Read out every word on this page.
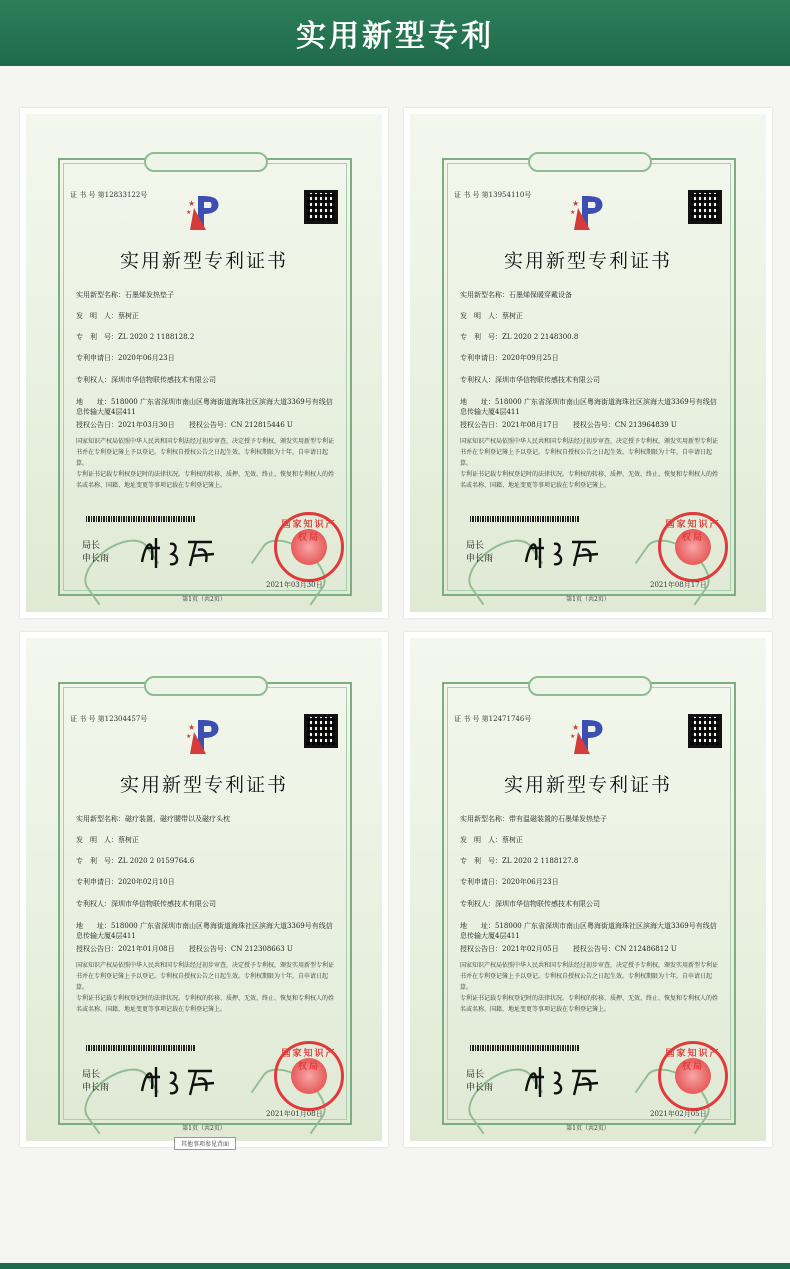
实用新型专利
证 书 号 第12833122号
★
★
实用新型专利证书
实用新型名称：石墨烯发热垫子
发　明　人：蔡树正
专　利　号：ZL 2020 2 1188128.2
专利申请日：2020年06月23日
专利权人：深圳市华信物联传感技术有限公司
地　　址：518000 广东省深圳市南山区粤海街道海珠社区滨海大道3369号有线信息传输大厦4层411
授权公告日：2021年03月30日 授权公告号：CN 212815446 U
国家知识产权局依照中华人民共和国专利法经过初步审查，决定授予专利权，颁发实用新型专利证书并在专利登记簿上予以登记。专利权自授权公告之日起生效。专利权期限为十年，自申请日起算。
专利证书记载专利权登记时的法律状况。专利权的转移、质押、无效、终止、恢复和专利权人的姓名或名称、国籍、地址变更等事项记载在专利登记簿上。
局长
申长雨
国家知识产权局
2021年03月30日
第1页（共2页）
证 书 号 第13954110号
★
★
实用新型专利证书
实用新型名称：石墨烯保暖穿戴设备
发　明　人：蔡树正
专　利　号：ZL 2020 2 2148300.8
专利申请日：2020年09月25日
专利权人：深圳市华信物联传感技术有限公司
地　　址：518000 广东省深圳市南山区粤海街道海珠社区滨海大道3369号有线信息传输大厦4层411
授权公告日：2021年08月17日 授权公告号：CN 213964839 U
国家知识产权局依照中华人民共和国专利法经过初步审查，决定授予专利权，颁发实用新型专利证书并在专利登记簿上予以登记。专利权自授权公告之日起生效。专利权期限为十年，自申请日起算。
专利证书记载专利权登记时的法律状况。专利权的转移、质押、无效、终止、恢复和专利权人的姓名或名称、国籍、地址变更等事项记载在专利登记簿上。
局长
申长雨
国家知识产权局
2021年08月17日
第1页（共2页）
证 书 号 第12304457号
★
★
实用新型专利证书
实用新型名称：磁疗装置、磁疗腰带以及磁疗头枕
发　明　人：蔡树正
专　利　号：ZL 2020 2 0159764.6
专利申请日：2020年02月10日
专利权人：深圳市华信物联传感技术有限公司
地　　址：518000 广东省深圳市南山区粤海街道海珠社区滨海大道3369号有线信息传输大厦4层411
授权公告日：2021年01月08日 授权公告号：CN 212308663 U
国家知识产权局依照中华人民共和国专利法经过初步审查，决定授予专利权，颁发实用新型专利证书并在专利登记簿上予以登记。专利权自授权公告之日起生效。专利权期限为十年，自申请日起算。
专利证书记载专利权登记时的法律状况。专利权的转移、质押、无效、终止、恢复和专利权人的姓名或名称、国籍、地址变更等事项记载在专利登记簿上。
局长
申长雨
国家知识产权局
2021年01月08日
第1页（共2页）
其他事项参见背面
证 书 号 第12471746号
★
★
实用新型专利证书
实用新型名称：带有温磁装置的石墨烯发热垫子
发　明　人：蔡树正
专　利　号：ZL 2020 2 1188127.8
专利申请日：2020年06月23日
专利权人：深圳市华信物联传感技术有限公司
地　　址：518000 广东省深圳市南山区粤海街道海珠社区滨海大道3369号有线信息传输大厦4层411
授权公告日：2021年02月05日 授权公告号：CN 212486812 U
国家知识产权局依照中华人民共和国专利法经过初步审查，决定授予专利权，颁发实用新型专利证书并在专利登记簿上予以登记。专利权自授权公告之日起生效。专利权期限为十年，自申请日起算。
专利证书记载专利权登记时的法律状况。专利权的转移、质押、无效、终止、恢复和专利权人的姓名或名称、国籍、地址变更等事项记载在专利登记簿上。
局长
申长雨
国家知识产权局
2021年02月05日
第1页（共2页）
